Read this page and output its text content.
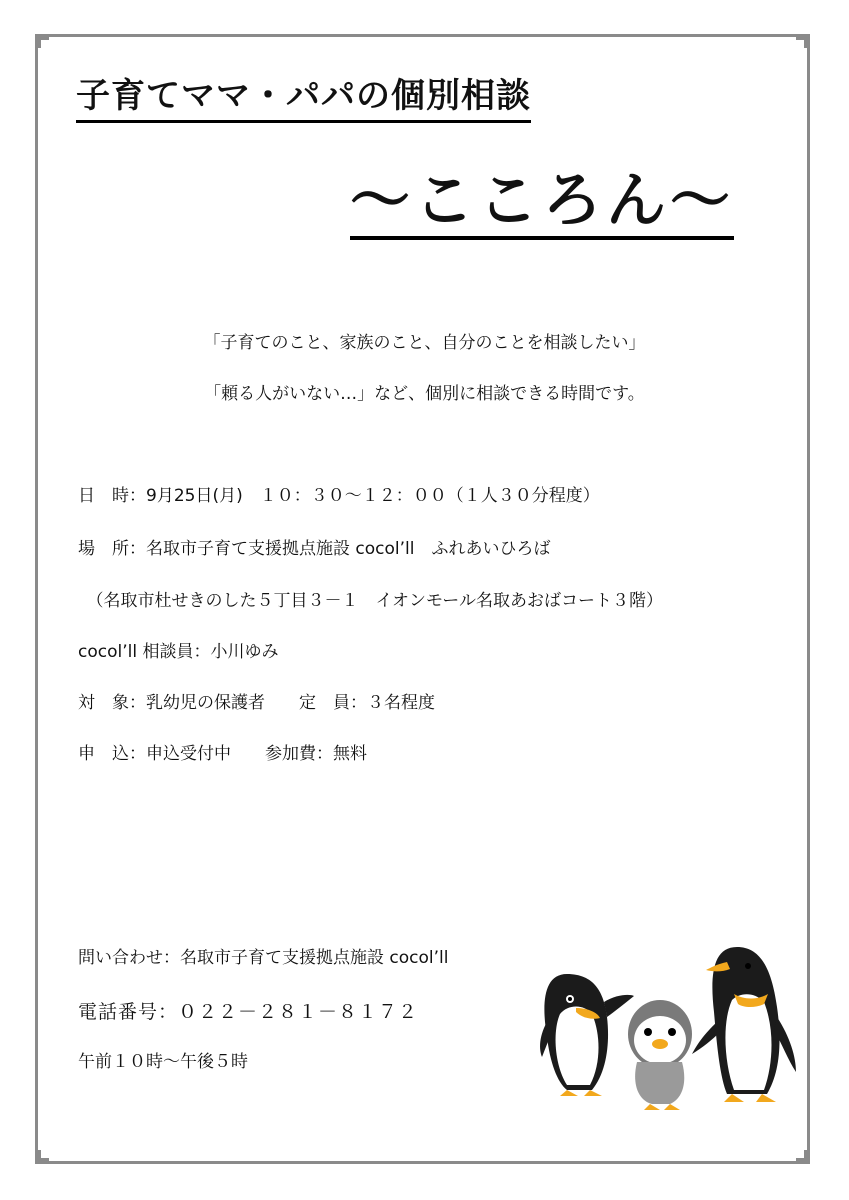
子育てママ・パパの個別相談
～こころん～
「子育てのこと、家族のこと、自分のことを相談したい」
「頼る人がいない…」など、個別に相談できる時間です。
日　時：9月25日(月)　１０：３０～１２：００（１人３０分程度）
場　所：名取市子育て支援拠点施設 cocol’ll　ふれあいひろば
　（名取市杜せきのした５丁目３－１　イオンモール名取あおばコート３階）
cocol’ll 相談員：小川ゆみ
対　象：乳幼児の保護者　　定　員：３名程度
申　込：申込受付中　　参加費：無料
問い合わせ：名取市子育て支援拠点施設 cocol’ll
電話番号：０２２－２８１－８１７２
午前１０時～午後５時
